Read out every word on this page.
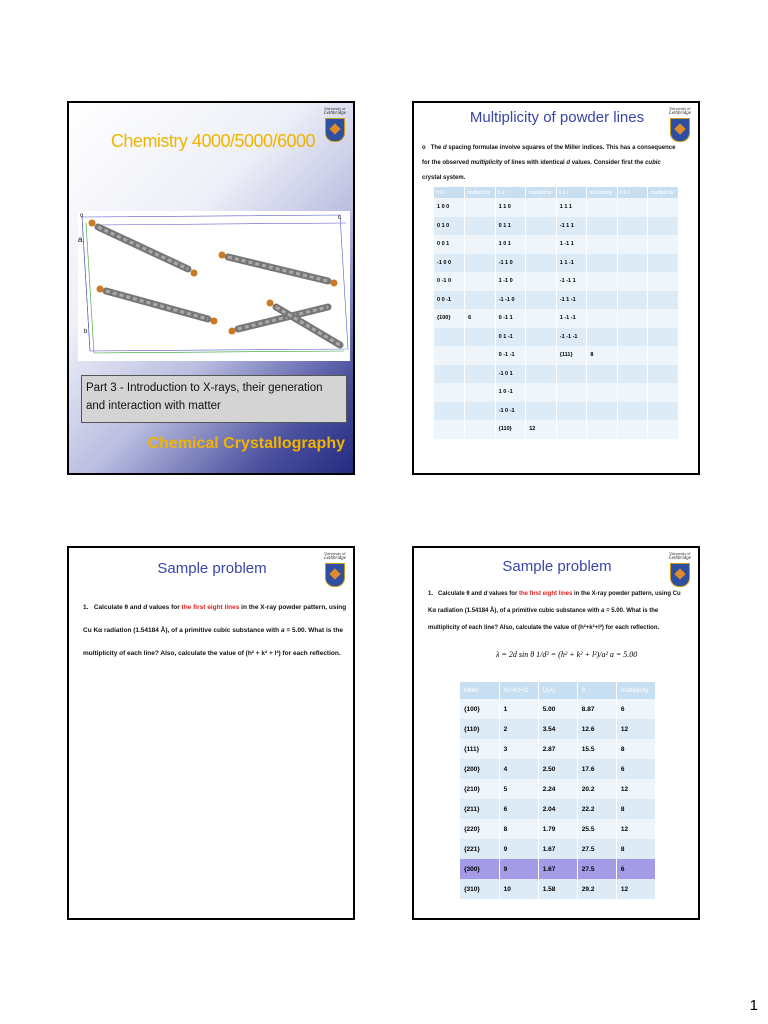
University of
Lethbridge
Chemistry 4000/5000/6000
o	c
a
b
Part 3 - Introduction to X-rays, their generation and interaction with matter
Chemical Crystallography
University of
Lethbridge
Multiplicity of powder lines
o The d spacing formulae involve squares of the Miller indices. This has a consequence for the observed multiplicity of lines with identical d values. Consider first the cubic crystal system.
h k l	multiplicity	h k l	multiplicity	h k l	multiplicity	h k l	multiplicity
1 0 0		1 1 0		1 1 1			
0 1 0		0 1 1		-1 1 1			
0 0 1		1 0 1		1 -1 1			
-1 0 0		-1 1 0		1 1 -1			
0 -1 0		1 -1 0		-1 -1 1			
0 0 -1		-1 -1 0		-1 1 -1			
{100}	6	0 -1 1		1 -1 -1			
		0 1 -1		-1 -1 -1			
		0 -1 -1		{111}	8		
		-1 0 1					
		1 0 -1					
		-1 0 -1					
		{110}	12				
University of
Lethbridge
Sample problem
1. Calculate θ and d values for the first eight lines in the X-ray powder pattern, using Cu Kα radiation (1.54184 Å), of a primitive cubic substance with a = 5.00. What is the multiplicity of each line? Also, calculate the value of (h² + k² + l²) for each reflection.
University of
Lethbridge
Sample problem
1. Calculate θ and d values for the first eight lines in the X-ray powder pattern, using Cu Kα radiation (1.54184 Å), of a primitive cubic substance with a = 5.00. What is the multiplicity of each line? Also, calculate the value of (h²+k²+l²) for each reflection.
λ = 2d sin θ 1/d² = (h² + k² + l²)/a² a = 5.00
Miller	h2+k2+l2	D(A)	θ	multiplicity
{100}	1	5.00	8.87	6
{110}	2	3.54	12.6	12
{111}	3	2.87	15.5	8
{200}	4	2.50	17.6	6
{210}	5	2.24	20.2	12
{211}	6	2.04	22.2	8
{220}	8	1.79	25.5	12
{221}	9	1.67	27.5	8
{300}	9	1.67	27.5	6
{310}	10	1.58	29.2	12
1
